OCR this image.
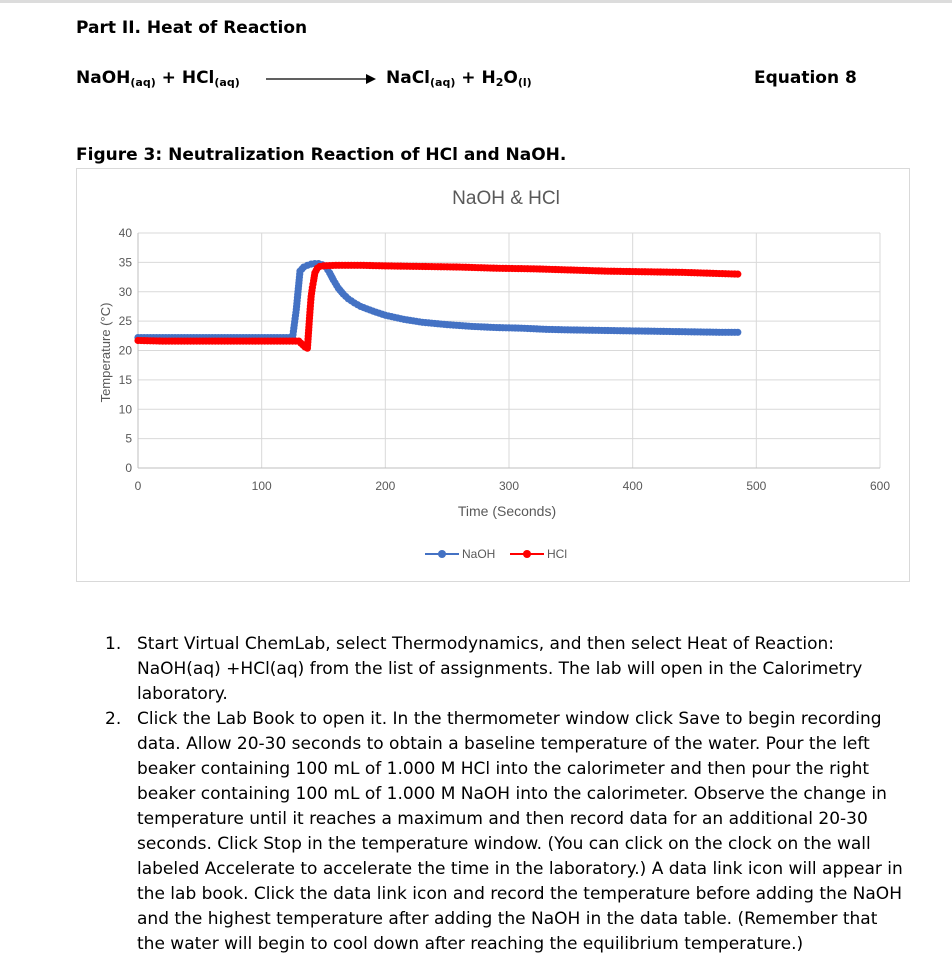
Part II. Heat of Reaction
NaOH$_{(aq)}$ + HCl$_{(aq)}$	NaCl$_{(aq)}$ + $H_2O_{(l)}$	Equation 8
Figure 3: Neutralization Reaction of HCl and NaOH.
0
5
10
15
20
25
30
35
40
0	100	200	300	400	500	600
NaOH & HCl
Time (Seconds)
Temperature (°C)
NaOH	HCl
1. Start Virtual ChemLab, select Thermodynamics, and then select Heat of Reaction: NaOH(aq) +HCl(aq) from the list of assignments. The lab will open in the Calorimetry laboratory.
2. Click the Lab Book to open it. In the thermometer window click Save to begin recording data. Allow 20-30 seconds to obtain a baseline temperature of the water. Pour the left beaker containing 100 mL of 1.000 M HCl into the calorimeter and then pour the right beaker containing 100 mL of 1.000 M NaOH into the calorimeter. Observe the change in temperature until it reaches a maximum and then record data for an additional 20-30 seconds. Click Stop in the temperature window. (You can click on the clock on the wall labeled Accelerate to accelerate the time in the laboratory.) A data link icon will appear in the lab book. Click the data link icon and record the temperature before adding the NaOH and the highest temperature after adding the NaOH in the data table. (Remember that the water will begin to cool down after reaching the equilibrium temperature.)
